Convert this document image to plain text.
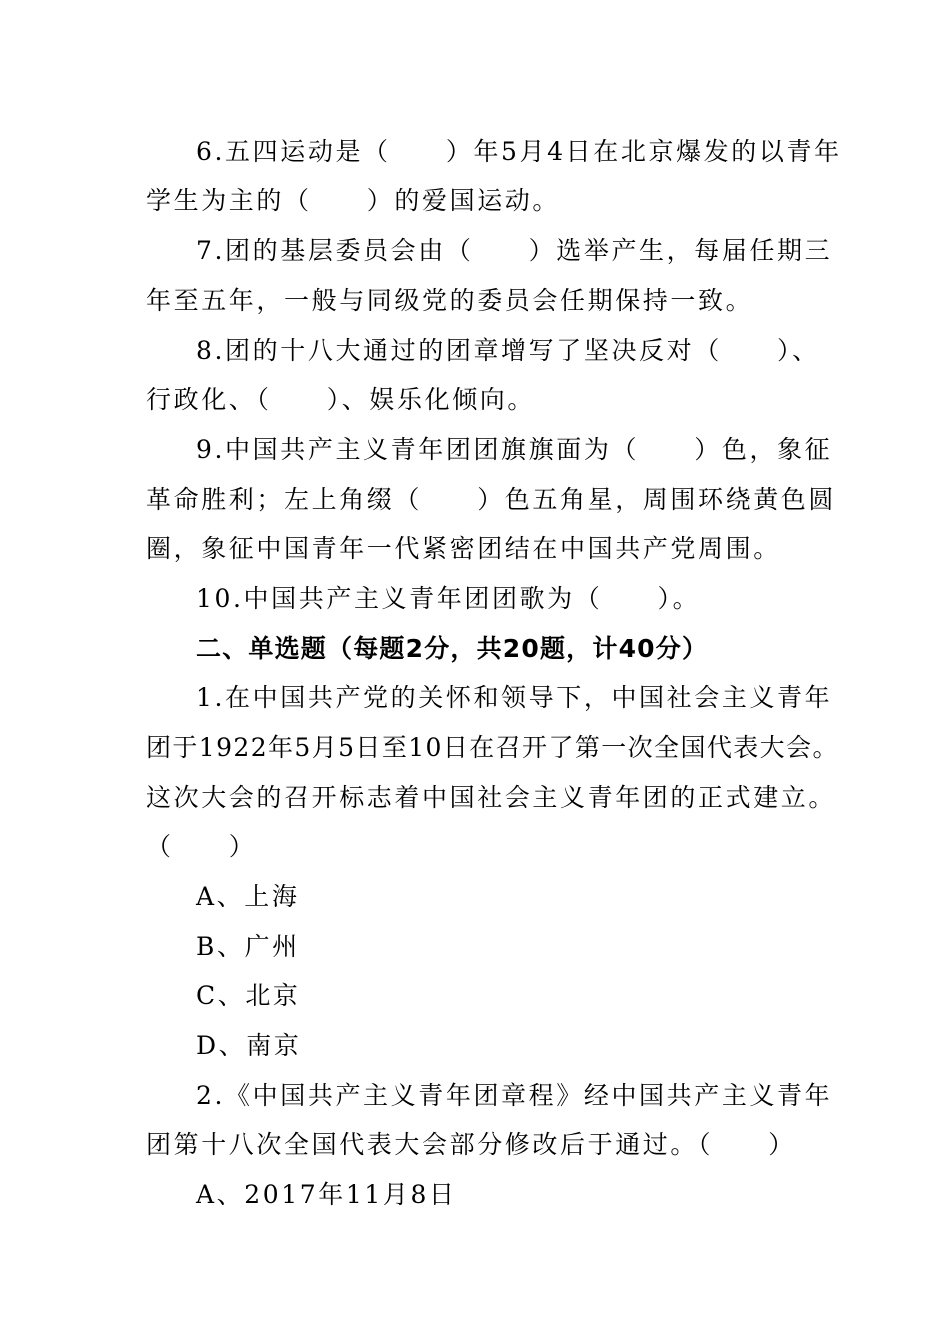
6.五四运动是（　　）年5月4日在北京爆发的以青年
学生为主的（　　）的爱国运动。
7.团的基层委员会由（　　）选举产生，每届任期三
年至五年，一般与同级党的委员会任期保持一致。
8.团的十八大通过的团章增写了坚决反对（　　）、
行政化、（　　）、娱乐化倾向。
9.中国共产主义青年团团旗旗面为（　　）色，象征
革命胜利；左上角缀（　　）色五角星，周围环绕黄色圆
圈，象征中国青年一代紧密团结在中国共产党周围。
10.中国共产主义青年团团歌为（　　）。
二、单选题（每题2分，共20题，计40分）
1.在中国共产党的关怀和领导下，中国社会主义青年
团于1922年5月5日至10日在召开了第一次全国代表大会。
这次大会的召开标志着中国社会主义青年团的正式建立。
（　　）
A、上海
B、广州
C、北京
D、南京
2.《中国共产主义青年团章程》经中国共产主义青年
团第十八次全国代表大会部分修改后于通过。（　　）
A、2017年11月8日
